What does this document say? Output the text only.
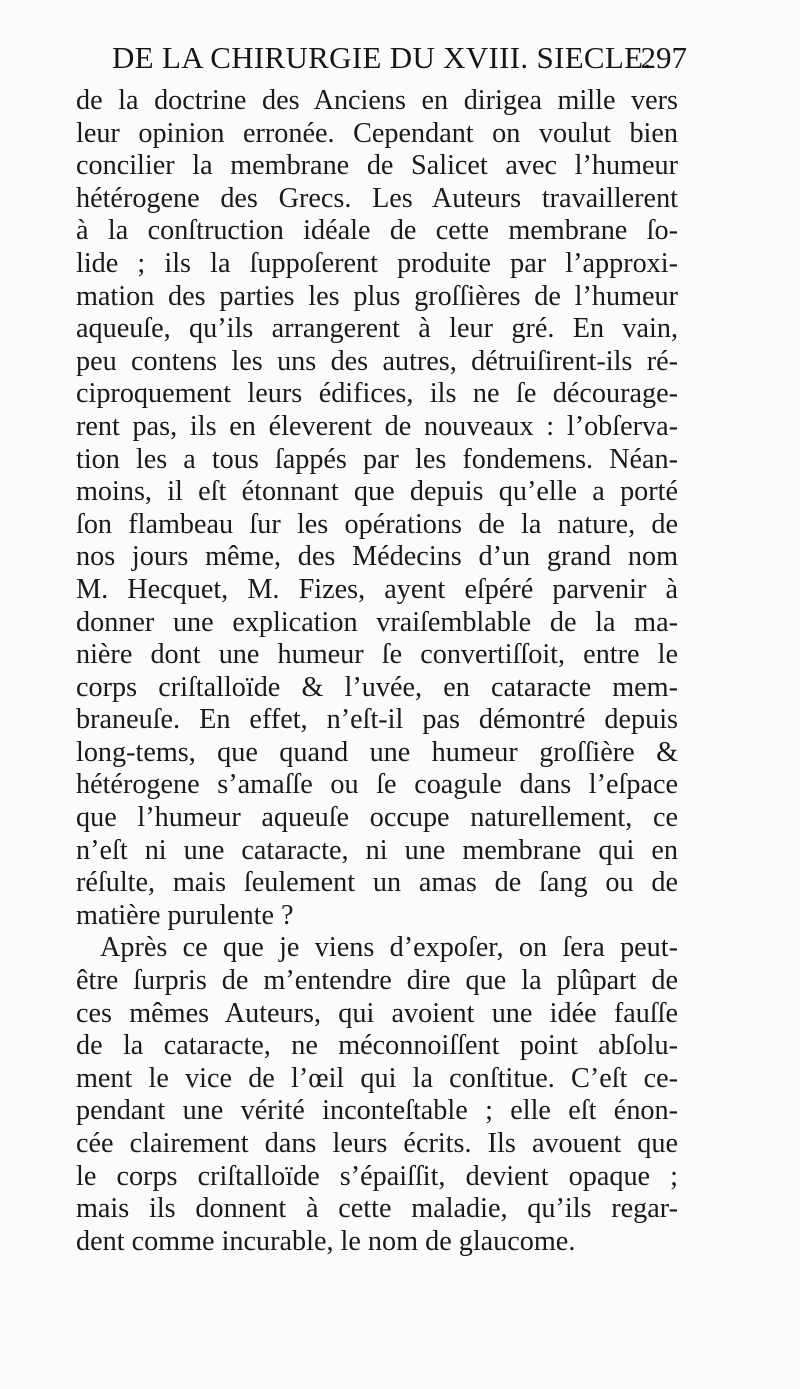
DE LA CHIRURGIE DU XVIII. SIECLE.
297
de la doctrine des Anciens en dirigea mille vers
leur opinion erronée. Cependant on voulut bien
concilier la membrane de Salicet avec l’humeur
hétérogene des Grecs. Les Auteurs travaillerent
à la conſtruction idéale de cette membrane ſo-
lide ; ils la ſuppoſerent produite par l’approxi-
mation des parties les plus groſſières de l’humeur
aqueuſe, qu’ils arrangerent à leur gré. En vain,
peu contens les uns des autres, détruiſirent-ils ré-
ciproquement leurs édifices, ils ne ſe décourage-
rent pas, ils en éleverent de nouveaux : l’obſerva-
tion les a tous ſappés par les fondemens. Néan-
moins, il eſt étonnant que depuis qu’elle a porté
ſon flambeau ſur les opérations de la nature, de
nos jours même, des Médecins d’un grand nom
M. Hecquet, M. Fizes, ayent eſpéré parvenir à
donner une explication vraiſemblable de la ma-
nière dont une humeur ſe convertiſſoit, entre le
corps criſtalloïde & l’uvée, en cataracte mem-
braneuſe. En effet, n’eſt-il pas démontré depuis
long-tems, que quand une humeur groſſière &
hétérogene s’amaſſe ou ſe coagule dans l’eſpace
que l’humeur aqueuſe occupe naturellement, ce
n’eſt ni une cataracte, ni une membrane qui en
réſulte, mais ſeulement un amas de ſang ou de
matière purulente ?
Après ce que je viens d’expoſer, on ſera peut-
être ſurpris de m’entendre dire que la plûpart de
ces mêmes Auteurs, qui avoient une idée fauſſe
de la cataracte, ne méconnoiſſent point abſolu-
ment le vice de l’œil qui la conſtitue. C’eſt ce-
pendant une vérité inconteſtable ; elle eſt énon-
cée clairement dans leurs écrits. Ils avouent que
le corps criſtalloïde s’épaiſſit, devient opaque ;
mais ils donnent à cette maladie, qu’ils regar-
dent comme incurable, le nom de glaucome.
